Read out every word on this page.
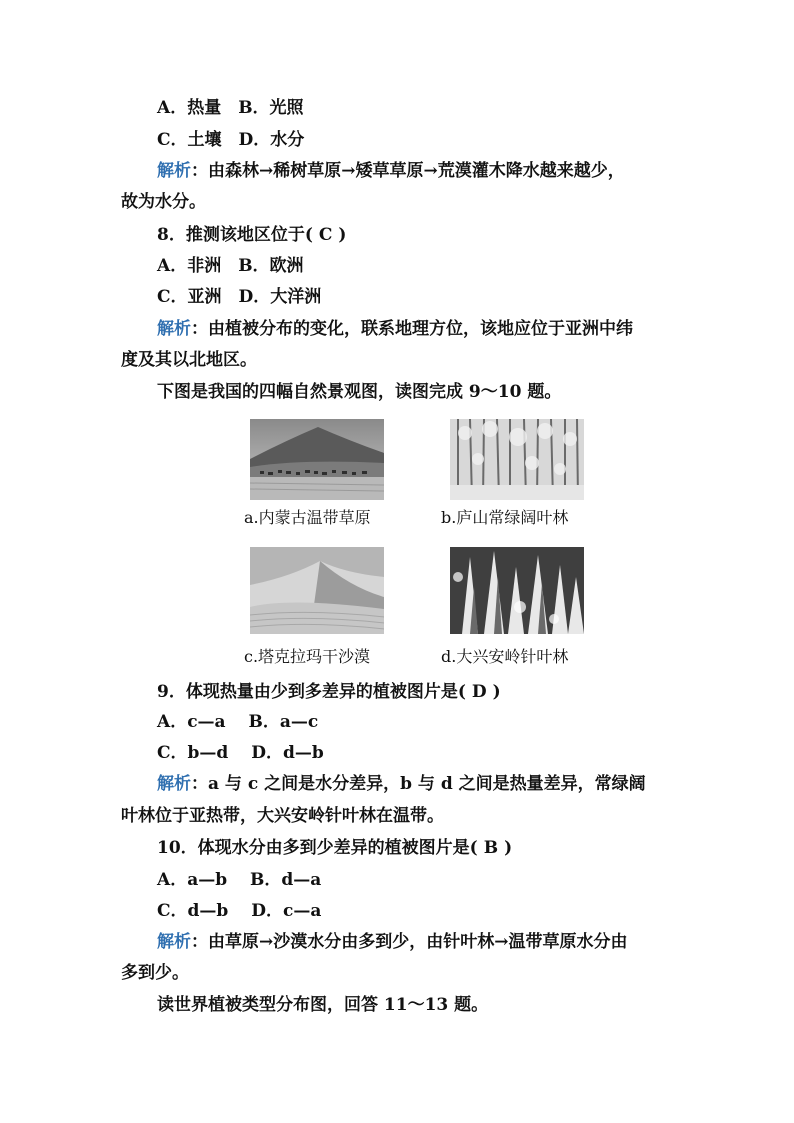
A．热量　B．光照
C．土壤　D．水分
解析：由森林→稀树草原→矮草草原→荒漠灌木降水越来越少，
故为水分。
8．推测该地区位于( C )
A．非洲　B．欧洲
C．亚洲　D．大洋洲
解析：由植被分布的变化，联系地理方位，该地应位于亚洲中纬
度及其以北地区。
下图是我国的四幅自然景观图，读图完成 9～10 题。
a.内蒙古温带草原	b.庐山常绿阔叶林
c.塔克拉玛干沙漠	d.大兴安岭针叶林
9．体现热量由少到多差异的植被图片是( D )
A．c—a　 B．a—c
C．b—d　 D．d—b
解析：a 与 c 之间是水分差异，b 与 d 之间是热量差异，常绿阔
叶林位于亚热带，大兴安岭针叶林在温带。
10．体现水分由多到少差异的植被图片是( B )
A．a—b　 B．d—a
C．d—b　 D．c—a
解析：由草原→沙漠水分由多到少，由针叶林→温带草原水分由
多到少。
读世界植被类型分布图，回答 11～13 题。
